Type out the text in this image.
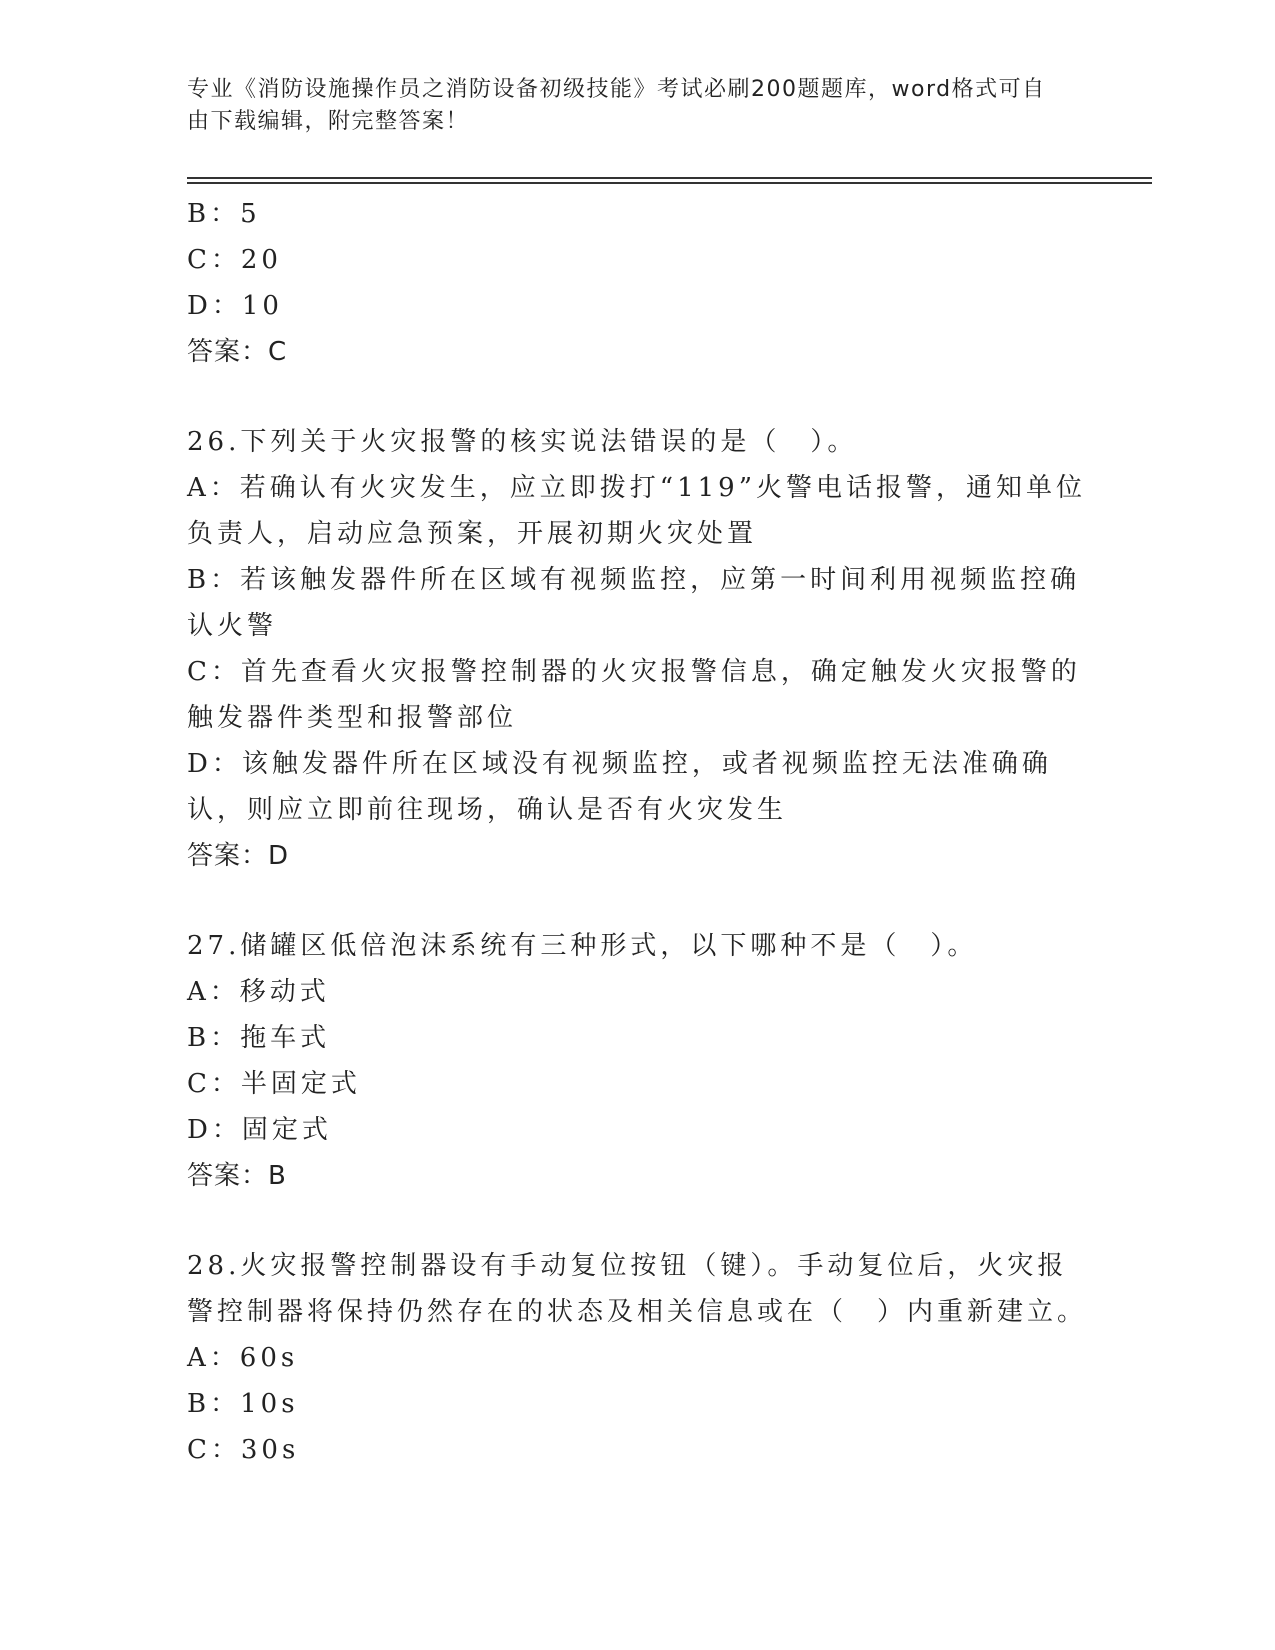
专业《消防设施操作员之消防设备初级技能》考试必刷200题题库，word格式可自由下载编辑，附完整答案！

B：5

C：20

D：10

答案：C

26.下列关于火灾报警的核实说法错误的是（　）。

A：若确认有火灾发生，应立即拨打“119”火警电话报警，通知单位负责人，启动应急预案，开展初期火灾处置

B：若该触发器件所在区域有视频监控，应第一时间利用视频监控确认火警

C：首先查看火灾报警控制器的火灾报警信息，确定触发火灾报警的触发器件类型和报警部位

D：该触发器件所在区域没有视频监控，或者视频监控无法准确确认，则应立即前往现场，确认是否有火灾发生

答案：D

27.储罐区低倍泡沫系统有三种形式，以下哪种不是（　）。

A：移动式

B：拖车式

C：半固定式

D：固定式

答案：B

28.火灾报警控制器设有手动复位按钮（键）。手动复位后，火灾报警控制器将保持仍然存在的状态及相关信息或在（　）内重新建立。

A：60s

B：10s

C：30s
